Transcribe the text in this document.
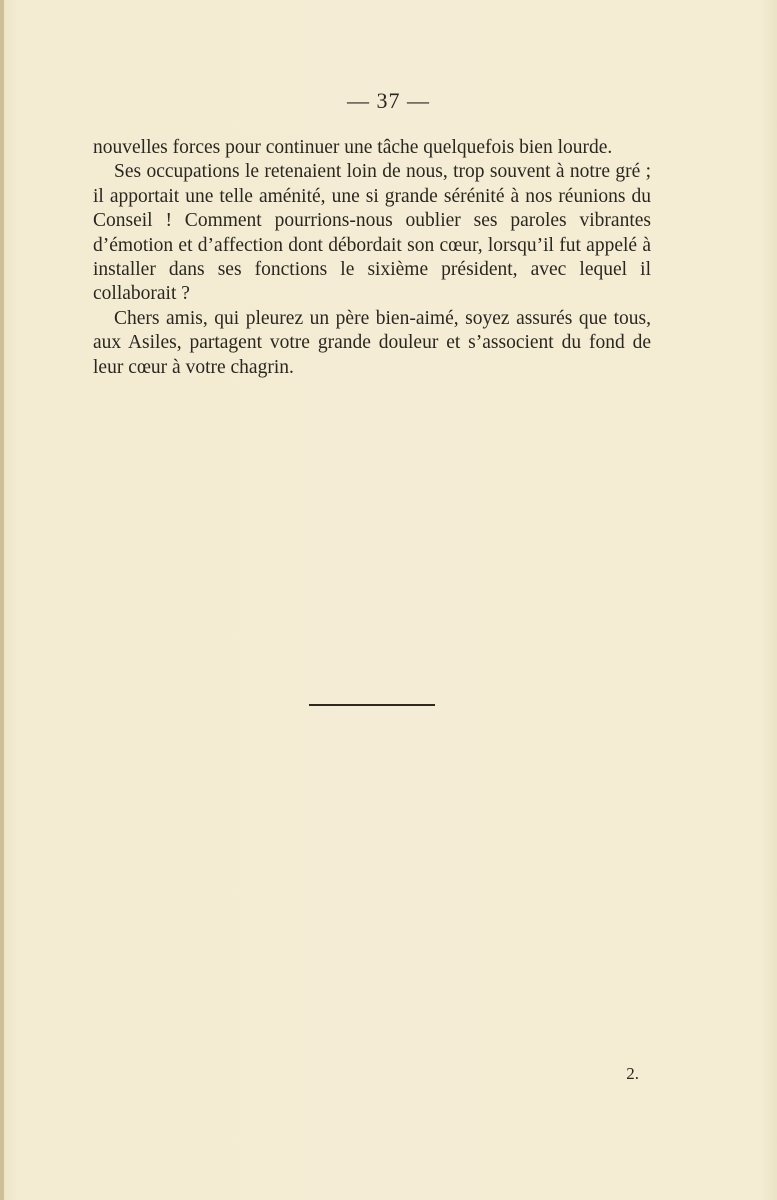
— 37 —

nouvelles forces pour continuer une tâche quelquefois bien lourde.

Ses occupations le retenaient loin de nous, trop souvent à notre gré ; il apportait une telle aménité, une si grande sérénité à nos réunions du Conseil ! Comment pourrions-nous oublier ses paroles vibrantes d’émotion et d’affection dont débordait son cœur, lorsqu’il fut appelé à installer dans ses fonctions le sixième président, avec lequel il collaborait ?

Chers amis, qui pleurez un père bien-aimé, soyez assurés que tous, aux Asiles, partagent votre grande douleur et s’associent du fond de leur cœur à votre chagrin.

2.
